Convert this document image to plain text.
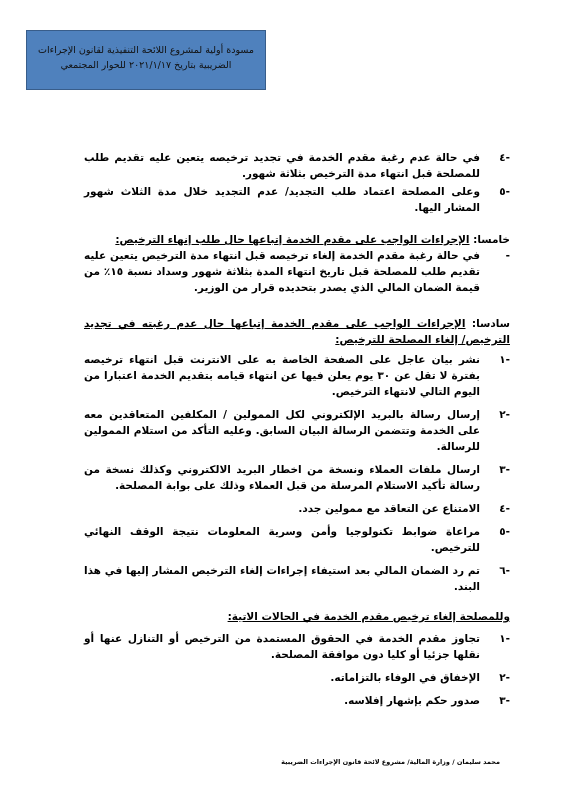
مسودة أولية لمشروع اللائحة التنفيذية لقانون الإجراءات
الضريبية بتاريخ ٢٠٢١/١/١٧ للحوار المجتمعي
-٤
في حالة عدم رغبة مقدم الخدمة في تجديد ترخيصه يتعين عليه تقديم طلب للمصلحة قبل انتهاء مدة الترخيص بثلاثة شهور.
-٥
وعلى المصلحة اعتماد طلب التجديد/ عدم التجديد خلال مدة الثلاث شهور المشار اليها.

خامسا: الإجراءات الواجب على مقدم الخدمة إتباعها حال طلب إنهاء الترخيص:

-
في حالة رغبة مقدم الخدمة إلغاء ترخيصه قبل انتهاء مدة الترخيص يتعين عليه تقديم طلب للمصلحة قبل تاريخ انتهاء المدة بثلاثة شهور وسداد نسبة ١٥٪ من قيمة الضمان المالي الذي يصدر بتحديده قرار من الوزير.

سادسا: الإجراءات الواجب على مقدم الخدمة إتباعها حال عدم رغبته في تجديد الترخيص/ إلغاء المصلحة للترخيص:

-١
نشر بيان عاجل على الصفحة الخاصة به على الانترنت قبل انتهاء ترخيصه بفترة لا تقل عن ٣٠ يوم يعلن فيها عن انتهاء قيامه بتقديم الخدمة اعتبارا من اليوم التالي لانتهاء الترخيص.
-٢
إرسال رسالة بالبريد الإلكتروني لكل الممولين / المكلفين المتعاقدين معه على الخدمة وتتضمن الرسالة البيان السابق. وعليه التأكد من استلام الممولين للرسالة.
-٣
ارسال ملفات العملاء ونسخة من اخطار البريد الالكتروني وكذلك نسخة من رسالة تأكيد الاستلام المرسلة من قبل العملاء وذلك على بوابة المصلحة.
-٤
الامتناع عن التعاقد مع ممولين جدد.
-٥
مراعاة ضوابط تكنولوجيا وأمن وسرية المعلومات نتيجة الوقف النهائي للترخيص.
-٦
تم رد الضمان المالي بعد استيفاء إجراءات إلغاء الترخيص المشار إليها في هذا البند.

وللمصلحة إلغاء ترخيص مقدم الخدمة في الحالات الاتية:

-١
تجاوز مقدم الخدمة في الحقوق المستمدة من الترخيص أو التنازل عنها أو نقلها جزئيا أو كليا دون موافقة المصلحة.
-٢
الإخفاق في الوفاء بالتزاماته.
-٣
صدور حكم بإشهار إفلاسه.
محمد سليمان / وزارة المالية/ مشروع لائحة قانون الإجراءات الضريبية
